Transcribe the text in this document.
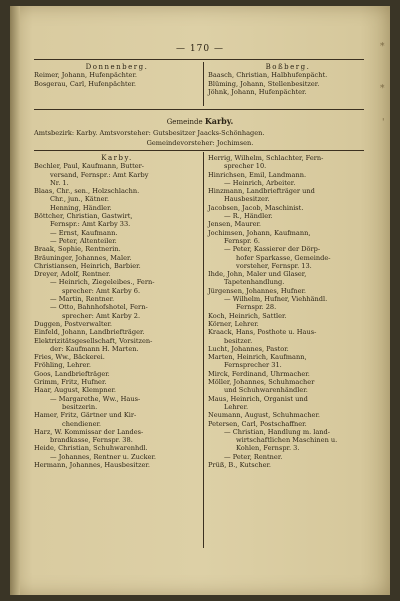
— 170 —	*
*
'
Donnenberg.
Reimer, Johann, Hufenpächter.
Bosgerau, Carl, Hufenpächter.
Boßberg.
Baasch, Christian, Halbhufenpächt.
Blüming, Johann, Stellenbesitzer.
Jöhnk, Johann, Hufenpächter.
Gemeinde Karby.
Amtsbezirk: Karby. Amtsvorsteher: Gutsbesitzer Jaacks-Schönhagen.
Gemeindevorsteher: Jochimsen.
Karby.
Bechler, Paul, Kaufmann, Butter-
versand, Fernspr.: Amt Karby
Nr. 1.
Blaas, Chr., sen., Holzschlachn.
Chr., jun., Kätner.
Henning, Händler.
Böttcher, Christian, Gastwirt,
Fernspr.: Amt Karby 33.
— Ernst, Kaufmann.
— Peter, Altenteiler.
Braak, Sophie, Rentnerin.
Bräuninger, Johannes, Maler.
Christiansen, Heinrich, Barbier.
Dreyer, Adolf, Rentner.
— Heinrich, Ziegeleibes., Fern-
sprecher: Amt Karby 6.
— Martin, Rentner.
— Otto, Bahnhofshotel, Fern-
sprecher: Amt Karby 2.
Duggen, Postverwalter.
Einfeld, Johann, Landbriefträger.
Elektrizitätsgesellschaft, Vorsitzen-
der: Kaufmann H. Marten.
Fries, Ww., Bäckerei.
Fröhling, Lehrer.
Goos, Landbriefträger.
Grimm, Fritz, Hufner.
Haar, August, Klempner.
— Margarethe, Ww., Haus-
besitzerin.
Hamer, Fritz, Gärtner und Kir-
chendiener.
Harz, W. Kommissar der Landes-
brandkasse, Fernspr. 38.
Heide, Christian, Schuhwarenhdl.
— Johannes, Rentner u. Zucker.
Hermann, Johannes, Hausbesitzer.
Herrig, Wilhelm, Schlachter, Fern-
sprecher 10.
Hinrichsen, Emil, Landmann.
— Heinrich, Arbeiter.
Hinzmann, Landbriefträger und
Hausbesitzer.
Jacobsen, Jacob, Maschinist.
— R., Händler.
Jensen, Maurer.
Jochimsen, Johann, Kaufmann,
Fernspr. 6.
— Peter, Kassierer der Dörp-
hofer Sparkasse, Gemeinde-
vorsteher, Fernspr. 13.
Ihde, John, Maler und Glaser,
Tapetenhandlung.
Jürgensen, Johannes, Hufner.
— Wilhelm, Hufner, Viehhändl.
Fernspr. 28.
Koch, Heinrich, Sattler.
Körner, Lehrer.
Kraack, Hans, Posthote u. Haus-
besitzer.
Lucht, Johannes, Pastor.
Marten, Heinrich, Kaufmann,
Fernsprecher 31.
Mirck, Ferdinand, Uhrmacher.
Möller, Johannes, Schuhmacher
und Schuhwarenhändler.
Maus, Heinrich, Organist und
Lehrer.
Neumann, August, Schuhmacher.
Petersen, Carl, Postschaffner.
— Christian, Handlung m. land-
wirtschaftlichen Maschinen u.
Kohlen, Fernspr. 3.
— Peter, Rentner.
Prüß, B., Kutscher.
